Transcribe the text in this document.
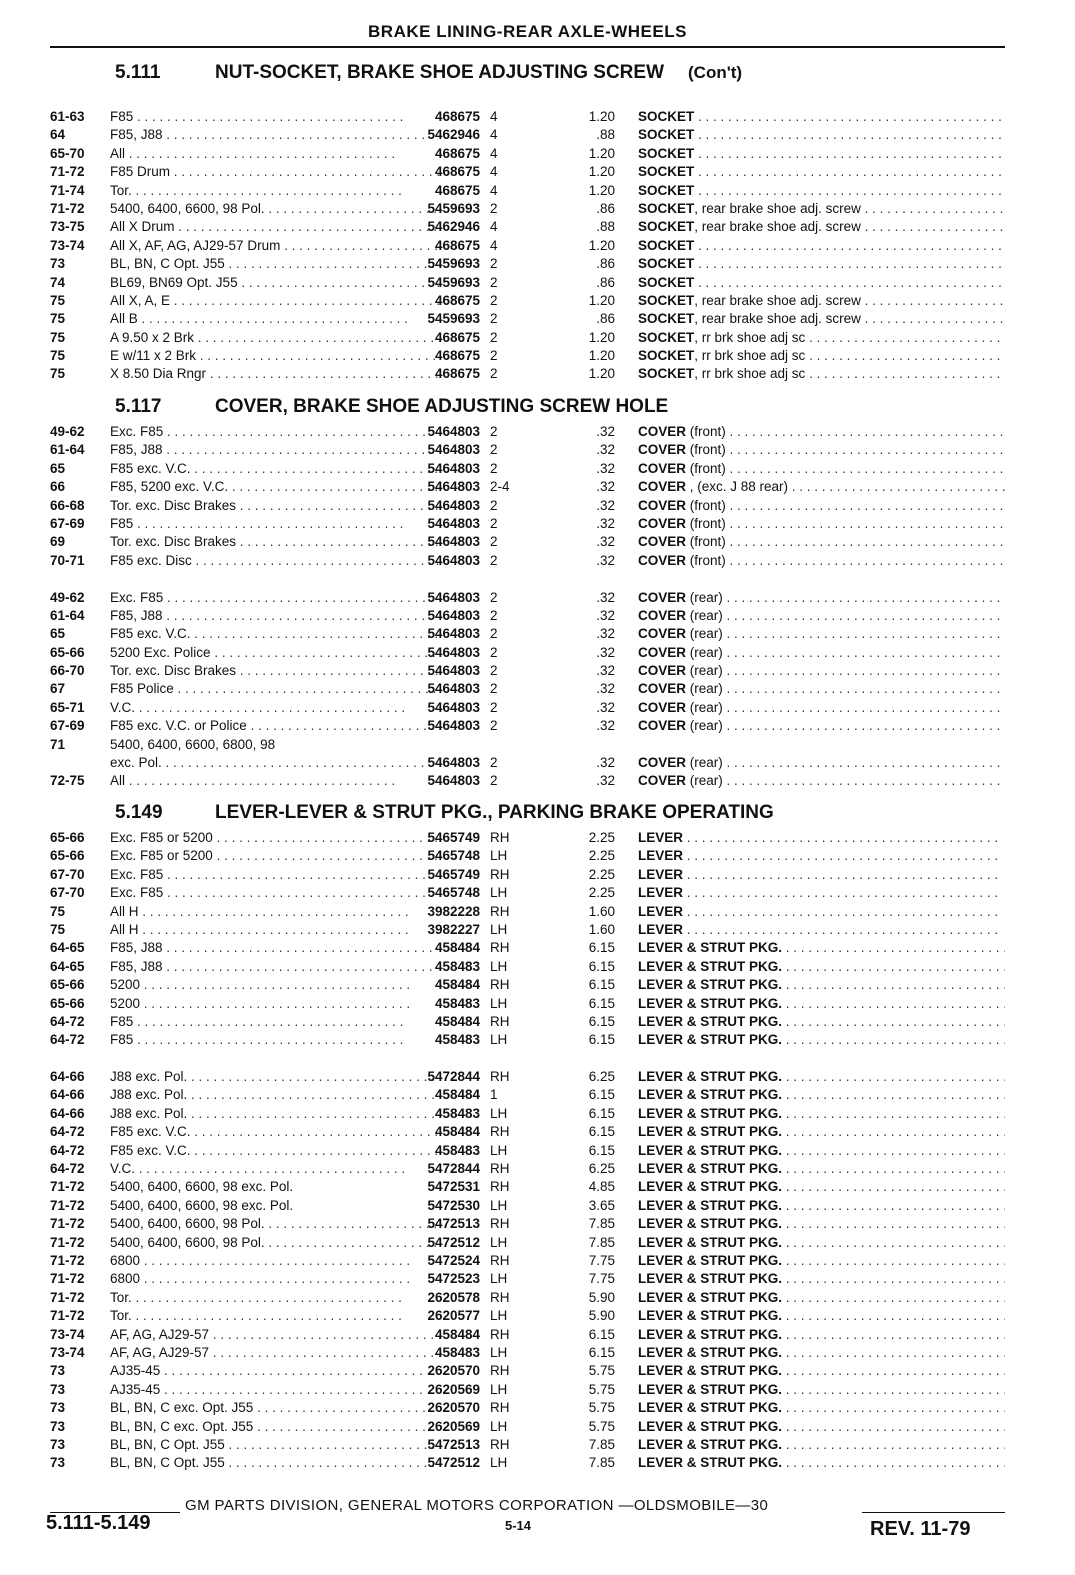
BRAKE LINING-REAR AXLE-WHEELS
5.111	NUT-SOCKET, BRAKE SHOE ADJUSTING SCREW (Con't)
61-63	F85 . . .	468675 4	1.20 SOCKET . . .
64	F85, J88 . . .	5462946 4	.88 SOCKET . . .
65-70	All . . .	468675 4	1.20 SOCKET . . .
71-72	F85 Drum . . .	468675 4	1.20 SOCKET . . .
71-74	Tor. . . .	468675 4	1.20 SOCKET . . .
71-72	5400, 6400, 6600, 98 Pol. . . .	5459693 2	.86 SOCKET, rear brake shoe adj. screw . . .
73-75	All X Drum . . .	5462946 4	.88 SOCKET, rear brake shoe adj. screw . . .
73-74	All X, AF, AG, AJ29-57 Drum . . .	468675 4	1.20 SOCKET . . .
73	BL, BN, C Opt. J55 . . .	5459693 2	.86 SOCKET . . .
74	BL69, BN69 Opt. J55 . . .	5459693 2	.86 SOCKET . . .
75	All X, A, E . . .	468675 2	1.20 SOCKET, rear brake shoe adj. screw . . .
75	All B . . .	5459693 2	.86 SOCKET, rear brake shoe adj. screw . . .
75	A 9.50 x 2 Brk . . .	468675 2	1.20 SOCKET, rr brk shoe adj sc . . .
75	E w/11 x 2 Brk . . .	468675 2	1.20 SOCKET, rr brk shoe adj sc . . .
75	X 8.50 Dia Rngr . . .	468675 2	1.20 SOCKET, rr brk shoe adj sc . . .
5.117	COVER, BRAKE SHOE ADJUSTING SCREW HOLE
49-62	Exc. F85 . . .	5464803 2	.32 COVER (front) . . .
61-64	F85, J88 . . .	5464803 2	.32 COVER (front) . . .
65	F85 exc. V.C. . . .	5464803 2	.32 COVER (front) . . .
66	F85, 5200 exc. V.C. . . .	5464803 2-4	.32 COVER , (exc. J 88 rear) . . .
66-68	Tor. exc. Disc Brakes . . .	5464803 2	.32 COVER (front) . . .
67-69	F85 . . .	5464803 2	.32 COVER (front) . . .
69	Tor. exc. Disc Brakes . . .	5464803 2	.32 COVER (front) . . .
70-71	F85 exc. Disc . . .	5464803 2	.32 COVER (front) . . .
49-62	Exc. F85 . . .	5464803 2	.32 COVER (rear) . . .
61-64	F85, J88 . . .	5464803 2	.32 COVER (rear) . . .
65	F85 exc. V.C. . . .	5464803 2	.32 COVER (rear) . . .
65-66	5200 Exc. Police . . .	5464803 2	.32 COVER (rear) . . .
66-70	Tor. exc. Disc Brakes . . .	5464803 2	.32 COVER (rear) . . .
67	F85 Police . . .	5464803 2	.32 COVER (rear) . . .
65-71	V.C. . . .	5464803 2	.32 COVER (rear) . . .
67-69	F85 exc. V.C. or Police . . .	5464803 2	.32 COVER (rear) . . .
71	5400, 6400, 6600, 6800, 98
exc. Pol. . . .	5464803 2	.32 COVER (rear) . . .
72-75	All . . .	5464803 2	.32 COVER (rear) . . .
5.149	LEVER-LEVER & STRUT PKG., PARKING BRAKE OPERATING
65-66	Exc. F85 or 5200 . . .	5465749 RH	2.25 LEVER . . .
65-66	Exc. F85 or 5200 . . .	5465748 LH	2.25 LEVER . . .
67-70	Exc. F85 . . .	5465749 RH	2.25 LEVER . . .
67-70	Exc. F85 . . .	5465748 LH	2.25 LEVER . . .
75	All H . . .	3982228 RH	1.60 LEVER . . .
75	All H . . .	3982227 LH	1.60 LEVER . . .
64-65	F85, J88 . . .	458484 RH	6.15 LEVER & STRUT PKG. . . .
64-65	F85, J88 . . .	458483 LH	6.15 LEVER & STRUT PKG. . . .
65-66	5200 . . .	458484 RH	6.15 LEVER & STRUT PKG. . . .
65-66	5200 . . .	458483 LH	6.15 LEVER & STRUT PKG. . . .
64-72	F85 . . .	458484 RH	6.15 LEVER & STRUT PKG. . . .
64-72	F85 . . .	458483 LH	6.15 LEVER & STRUT PKG. . . .
64-66	J88 exc. Pol. . . .	5472844 RH	6.25 LEVER & STRUT PKG. . . .
64-66	J88 exc. Pol. . . .	458484 1	6.15 LEVER & STRUT PKG. . . .
64-66	J88 exc. Pol. . . .	458483 LH	6.15 LEVER & STRUT PKG. . . .
64-72	F85 exc. V.C. . . .	458484 RH	6.15 LEVER & STRUT PKG. . . .
64-72	F85 exc. V.C. . . .	458483 LH	6.15 LEVER & STRUT PKG. . . .
64-72	V.C. . . .	5472844 RH	6.25 LEVER & STRUT PKG. . . .
71-72	5400, 6400, 6600, 98 exc. Pol.	5472531 RH	4.85 LEVER & STRUT PKG. . . .
71-72	5400, 6400, 6600, 98 exc. Pol.	5472530 LH	3.65 LEVER & STRUT PKG. . . .
71-72	5400, 6400, 6600, 98 Pol. . . .	5472513 RH	7.85 LEVER & STRUT PKG. . . .
71-72	5400, 6400, 6600, 98 Pol. . . .	5472512 LH	7.85 LEVER & STRUT PKG. . . .
71-72	6800 . . .	5472524 RH	7.75 LEVER & STRUT PKG. . . .
71-72	6800 . . .	5472523 LH	7.75 LEVER & STRUT PKG. . . .
71-72	Tor. . . .	2620578 RH	5.90 LEVER & STRUT PKG. . . .
71-72	Tor. . . .	2620577 LH	5.90 LEVER & STRUT PKG. . . .
73-74	AF, AG, AJ29-57 . . .	458484 RH	6.15 LEVER & STRUT PKG. . . .
73-74	AF, AG, AJ29-57 . . .	458483 LH	6.15 LEVER & STRUT PKG. . . .
73	AJ35-45 . . .	2620570 RH	5.75 LEVER & STRUT PKG. . . .
73	AJ35-45 . . .	2620569 LH	5.75 LEVER & STRUT PKG. . . .
73	BL, BN, C exc. Opt. J55 . . .	2620570 RH	5.75 LEVER & STRUT PKG. . . .
73	BL, BN, C exc. Opt. J55 . . .	2620569 LH	5.75 LEVER & STRUT PKG. . . .
73	BL, BN, C Opt. J55 . . .	5472513 RH	7.85 LEVER & STRUT PKG. . . .
73	BL, BN, C Opt. J55 . . .	5472512 LH	7.85 LEVER & STRUT PKG. . . .
5.111-5.149
GM PARTS DIVISION, GENERAL MOTORS CORPORATION —OLDSMOBILE—30
5-14	REV. 11-79
